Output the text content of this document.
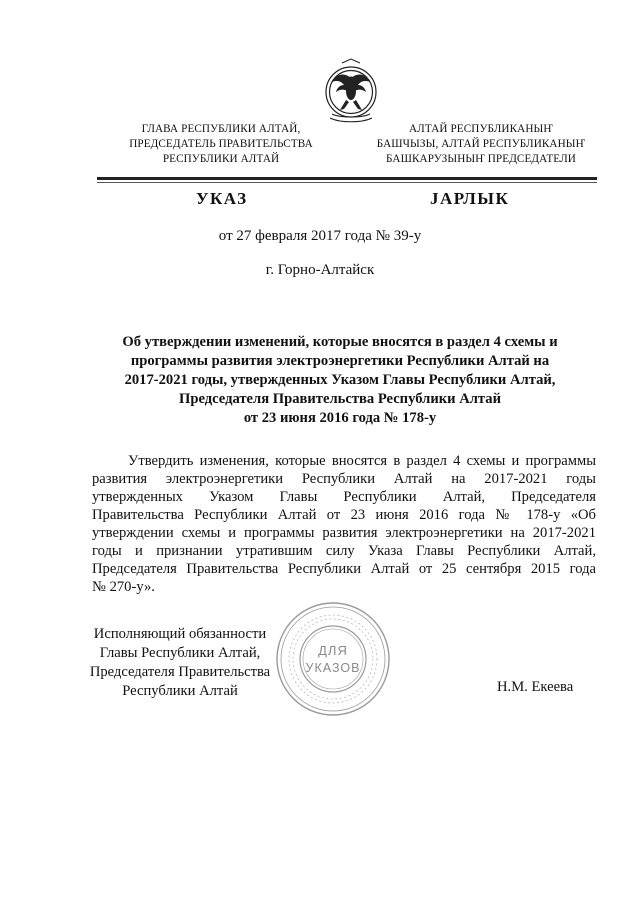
ГЛАВА РЕСПУБЛИКИ АЛТАЙ,
ПРЕДСЕДАТЕЛЬ ПРАВИТЕЛЬСТВА
РЕСПУБЛИКИ АЛТАЙ
АЛТАЙ РЕСПУБЛИКАНЫҤ
БАШЧЫЗЫ, АЛТАЙ РЕСПУБЛИКАНЫҤ
БАШКАРУЗЫНЫҤ ПРЕДСЕДАТЕЛИ
УКАЗ	JАРЛЫК
от 27 февраля 2017 года № 39-у
г. Горно-Алтайск
Об утверждении изменений, которые вносятся в раздел 4 схемы и
программы развития электроэнергетики Республики Алтай на
2017-2021 годы, утвержденных Указом Главы Республики Алтай,
Председателя Правительства Республики Алтай
от 23 июня 2016 года № 178-у
Утвердить изменения, которые вносятся в раздел 4 схемы и программы
развития электроэнергетики Республики Алтай на 2017-2021 годы
утвержденных Указом Главы Республики Алтай, Председателя
Правительства Республики Алтай от 23 июня 2016 года № 178-у «Об
утверждении схемы и программы развития электроэнергетики на 2017-2021
годы и признании утратившим силу Указа Главы Республики Алтай,
Председателя Правительства Республики Алтай от 25 сентября 2015 года
№ 270-у».
Исполняющий обязанности
Главы Республики Алтай,
Председателя Правительства
Республики Алтай	Н.М. Екеева
ДЛЯ
УКАЗОВ
